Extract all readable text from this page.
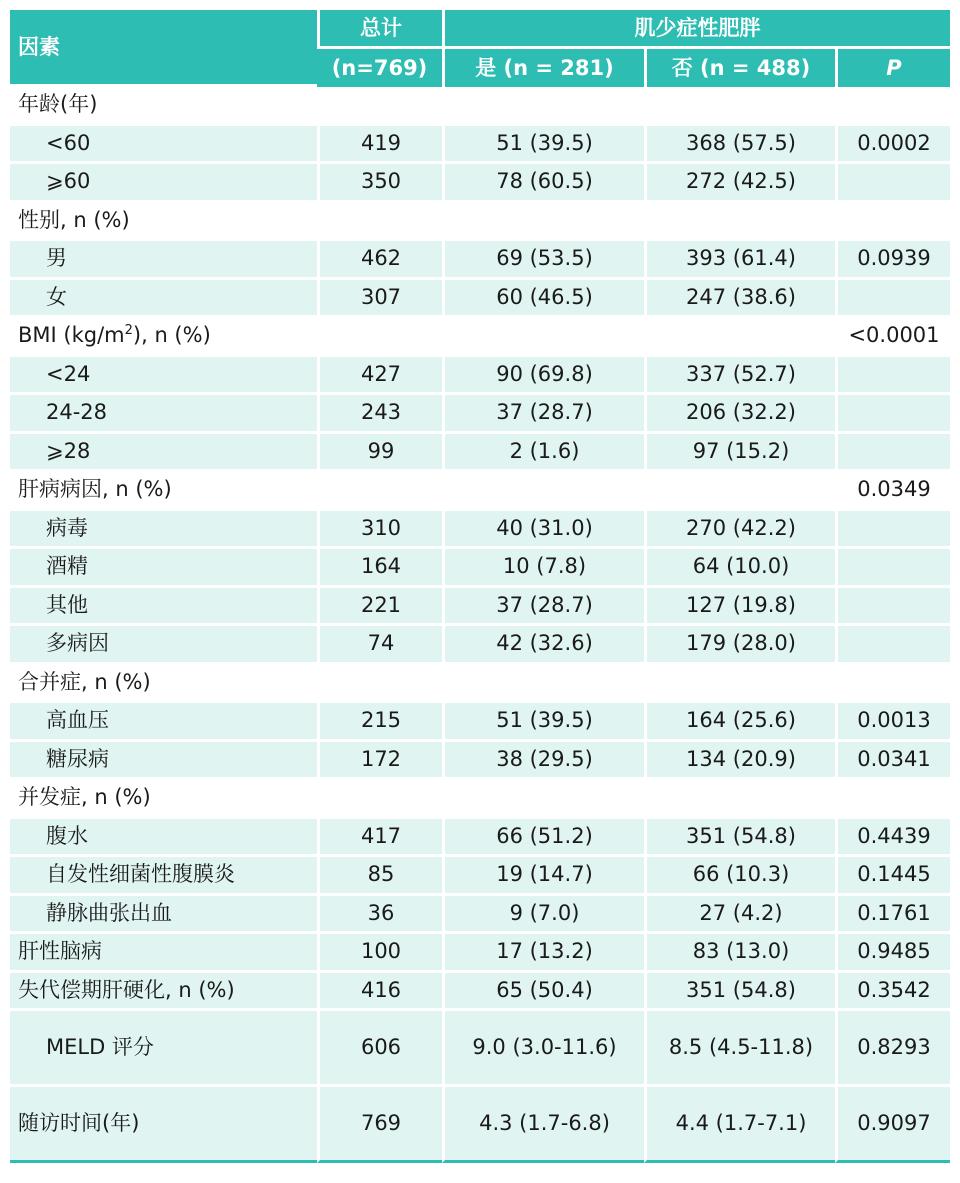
因素	总计	肌少症性肥胖		
	(n=769)	是 (n = 281)	否 (n = 488)	P
年龄(年)				
<60	419	51 (39.5)	368 (57.5)	0.0002
⩾60	350	78 (60.5)	272 (42.5)	
性别, n (%)				
男	462	69 (53.5)	393 (61.4)	0.0939
女	307	60 (46.5)	247 (38.6)	
BMI $(kg/m^2)$, n (%)				<0.0001
<24	427	90 (69.8)	337 (52.7)	
24-28	243	37 (28.7)	206 (32.2)	
⩾28	99	2 (1.6)	97 (15.2)	
肝病病因, n (%)				0.0349
病毒	310	40 (31.0)	270 (42.2)	
酒精	164	10 (7.8)	64 (10.0)	
其他	221	37 (28.7)	127 (19.8)	
多病因	74	42 (32.6)	179 (28.0)	
合并症, n (%)				
高血压	215	51 (39.5)	164 (25.6)	0.0013
糖尿病	172	38 (29.5)	134 (20.9)	0.0341
并发症, n (%)				
腹水	417	66 (51.2)	351 (54.8)	0.4439
自发性细菌性腹膜炎	85	19 (14.7)	66 (10.3)	0.1445
静脉曲张出血	36	9 (7.0)	27 (4.2)	0.1761
肝性脑病	100	17 (13.2)	83 (13.0)	0.9485
失代偿期肝硬化, n (%)	416	65 (50.4)	351 (54.8)	0.3542
MELD 评分	606	9.0 (3.0-11.6)	8.5 (4.5-11.8)	0.8293
随访时间(年)	769	4.3 (1.7-6.8)	4.4 (1.7-7.1)	0.9097
